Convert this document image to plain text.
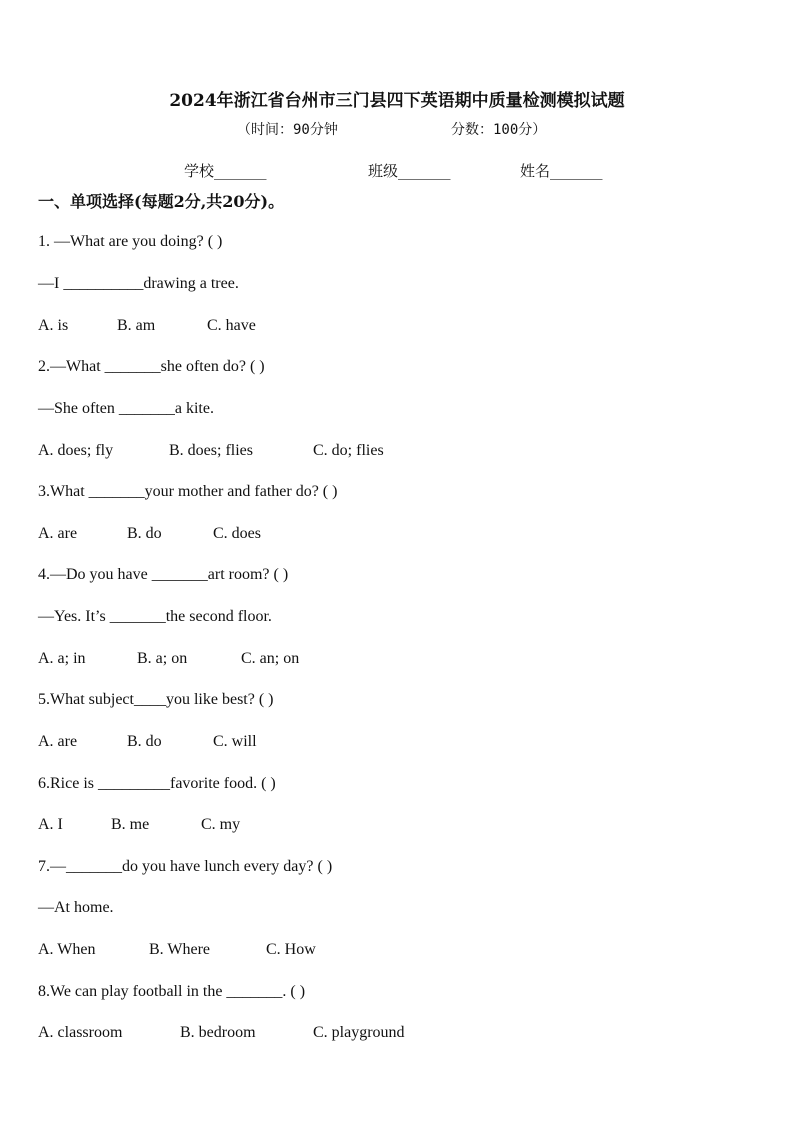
2024年浙江省台州市三门县四下英语期中质量检测模拟试题
（时间：90分钟	分数：100分）
学校_______	班级_______	姓名_______
一、单项选择(每题2分,共20分)。
1. —What are you doing? ( )
—I __________drawing a tree.
A. is	B. am	C. have
2.—What _______she often do? ( )
—She often _______a kite.
A. does; fly	B. does; flies	C. do; flies
3.What _______your mother and father do? ( )
A. are	B. do	C. does
4.—Do you have _______art room? ( )
—Yes. It’s _______the second floor.
A. a; in	B. a; on	C. an; on
5.What subject____you like best? ( )
A. are	B. do	C. will
6.Rice is _________favorite food. ( )
A. I	B. me	C. my
7.—_______do you have lunch every day? ( )
—At home.
A. When	B. Where	C. How
8.We can play football in the _______. ( )
A. classroom	B. bedroom	C. playground
